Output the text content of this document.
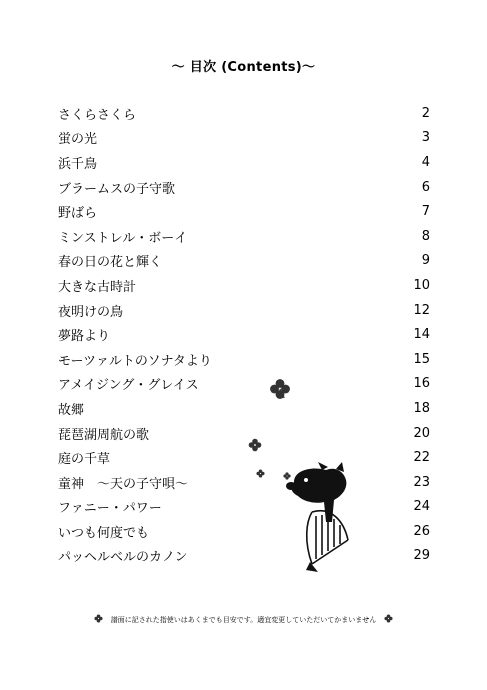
～ 目次 (Contents)～
さくらさくら	2
蛍の光	3
浜千鳥	4
ブラームスの子守歌	6
野ばら	7
ミンストレル・ボーイ	8
春の日の花と輝く	9
大きな古時計	10
夜明けの鳥	12
夢路より	14
モーツァルトのソナタより	15
アメイジング・グレイス	16
故郷	18
琵琶湖周航の歌	20
庭の千草	22
童神　～天の子守唄～	23
ファニー・パワー	24
いつも何度でも	26
パッヘルベルのカノン	29
譜面に記された指使いはあくまでも目安です。適宜変更していただいてかまいません
